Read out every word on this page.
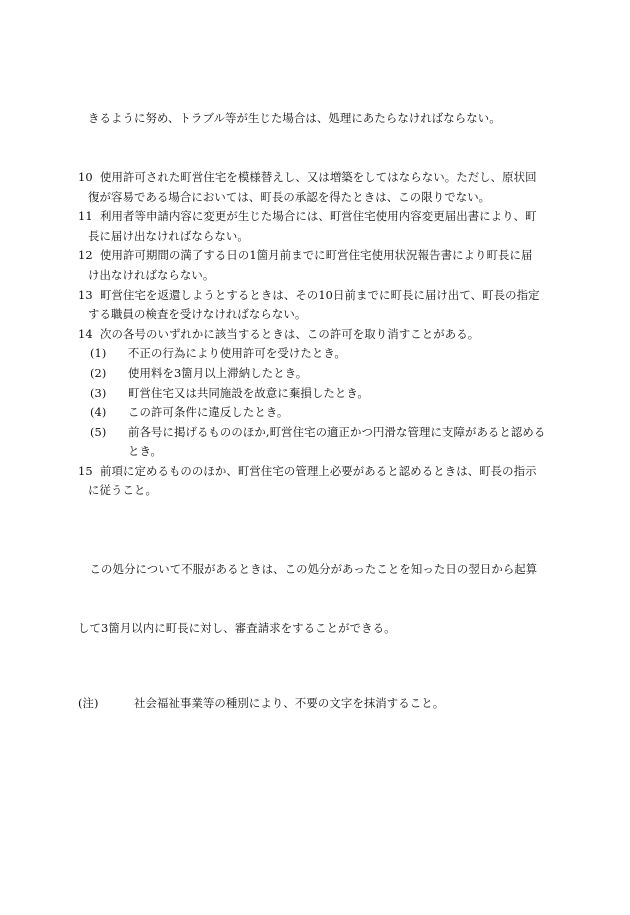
きるように努め、トラブル等が生じた場合は、処理にあたらなければならない。

10 使用許可された町営住宅を模様替えし、又は増築をしてはならない。ただし、原状回
復が容易である場合においては、町長の承認を得たときは、この限りでない。
11 利用者等申請内容に変更が生じた場合には、町営住宅使用内容変更届出書により、町
長に届け出なければならない。
12 使用許可期間の満了する日の1箇月前までに町営住宅使用状況報告書により町長に届
け出なければならない。
13 町営住宅を返還しようとするときは、その10日前までに町長に届け出て、町長の指定
する職員の検査を受けなければならない。
14 次の各号のいずれかに該当するときは、この許可を取り消すことがある。
(1)	不正の行為により使用許可を受けたとき。
(2)	使用料を3箇月以上滞納したとき。
(3)	町営住宅又は共同施設を故意に棄損したとき。
(4)	この許可条件に違反したとき。
(5)	前各号に掲げるもののほか,町営住宅の適正かつ円滑な管理に支障があると認める
とき。
15 前項に定めるもののほか、町営住宅の管理上必要があると認めるときは、町長の指示
に従うこと。

　この処分について不服があるときは、この処分があったことを知った日の翌日から起算

して3箇月以内に町長に対し、審査請求をすることができる。

(注)	社会福祉事業等の種別により、不要の文字を抹消すること。
